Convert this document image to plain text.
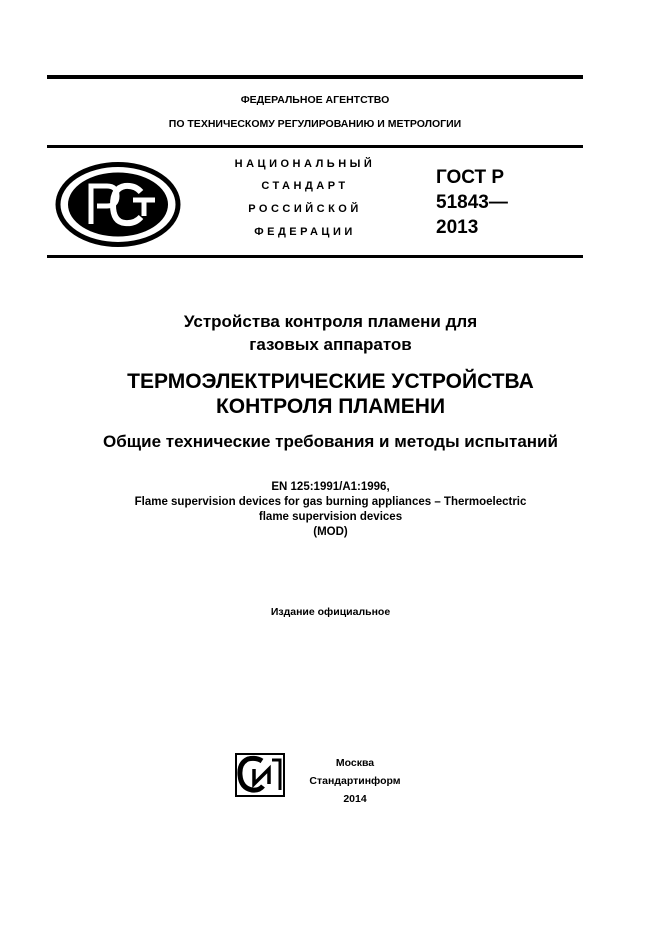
ФЕДЕРАЛЬНОЕ АГЕНТСТВО
ПО ТЕХНИЧЕСКОМУ РЕГУЛИРОВАНИЮ И МЕТРОЛОГИИ
НАЦИОНАЛЬНЫЙ
СТАНДАРТ
РОССИЙСКОЙ
ФЕДЕРАЦИИ
ГОСТ Р
51843—
2013
Устройства контроля пламени для
газовых аппаратов
ТЕРМОЭЛЕКТРИЧЕСКИЕ УСТРОЙСТВА
КОНТРОЛЯ ПЛАМЕНИ
Общие технические требования и методы испытаний
EN 125:1991/A1:1996,
Flame supervision devices for gas burning appliances – Thermoelectric
flame supervision devices
(MOD)
Издание официальное
Москва
Стандартинформ
2014
